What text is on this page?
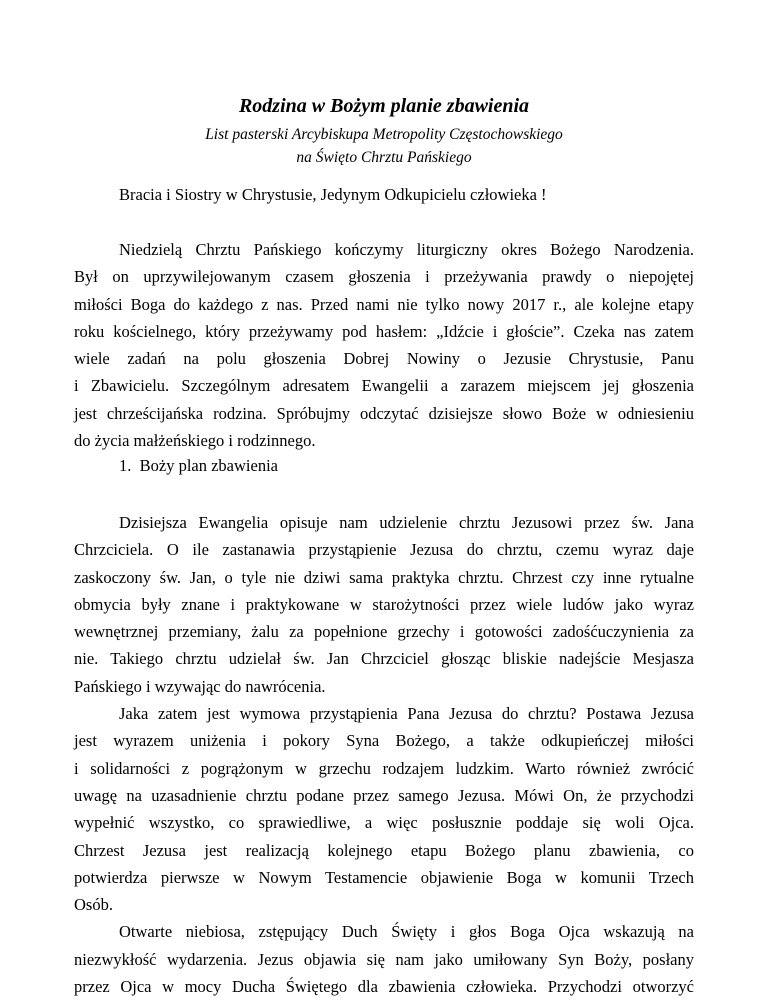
Rodzina w Bożym planie zbawienia
List pasterski Arcybiskupa Metropolity Częstochowskiego
na Święto Chrztu Pańskiego
Bracia i Siostry w Chrystusie, Jedynym Odkupicielu człowieka !
Niedzielą Chrztu Pańskiego kończymy liturgiczny okres Bożego Narodzenia.
Był on uprzywilejowanym czasem głoszenia i przeżywania prawdy o niepojętej
miłości Boga do każdego z nas. Przed nami nie tylko nowy 2017 r., ale kolejne etapy
roku kościelnego, który przeżywamy pod hasłem: „Idźcie i głoście”. Czeka nas zatem
wiele zadań na polu głoszenia Dobrej Nowiny o Jezusie Chrystusie, Panu
i Zbawicielu. Szczególnym adresatem Ewangelii a zarazem miejscem jej głoszenia
jest chrześcijańska rodzina. Spróbujmy odczytać dzisiejsze słowo Boże w odniesieniu
do życia małżeńskiego i rodzinnego.
1. Boży plan zbawienia
Dzisiejsza Ewangelia opisuje nam udzielenie chrztu Jezusowi przez św. Jana
Chrzciciela. O ile zastanawia przystąpienie Jezusa do chrztu, czemu wyraz daje
zaskoczony św. Jan, o tyle nie dziwi sama praktyka chrztu. Chrzest czy inne rytualne
obmycia były znane i praktykowane w starożytności przez wiele ludów jako wyraz
wewnętrznej przemiany, żalu za popełnione grzechy i gotowości zadośćuczynienia za
nie. Takiego chrztu udzielał św. Jan Chrzciciel głosząc bliskie nadejście Mesjasza
Pańskiego i wzywając do nawrócenia.
Jaka zatem jest wymowa przystąpienia Pana Jezusa do chrztu? Postawa Jezusa
jest wyrazem uniżenia i pokory Syna Bożego, a także odkupieńczej miłości
i solidarności z pogrążonym w grzechu rodzajem ludzkim. Warto również zwrócić
uwagę na uzasadnienie chrztu podane przez samego Jezusa. Mówi On, że przychodzi
wypełnić wszystko, co sprawiedliwe, a więc posłusznie poddaje się woli Ojca.
Chrzest Jezusa jest realizacją kolejnego etapu Bożego planu zbawienia, co
potwierdza pierwsze w Nowym Testamencie objawienie Boga w komunii Trzech
Osób.
Otwarte niebiosa, zstępujący Duch Święty i głos Boga Ojca wskazują na
niezwykłość wydarzenia. Jezus objawia się nam jako umiłowany Syn Boży, posłany
przez Ojca w mocy Ducha Świętego dla zbawienia człowieka. Przychodzi otworzyć
